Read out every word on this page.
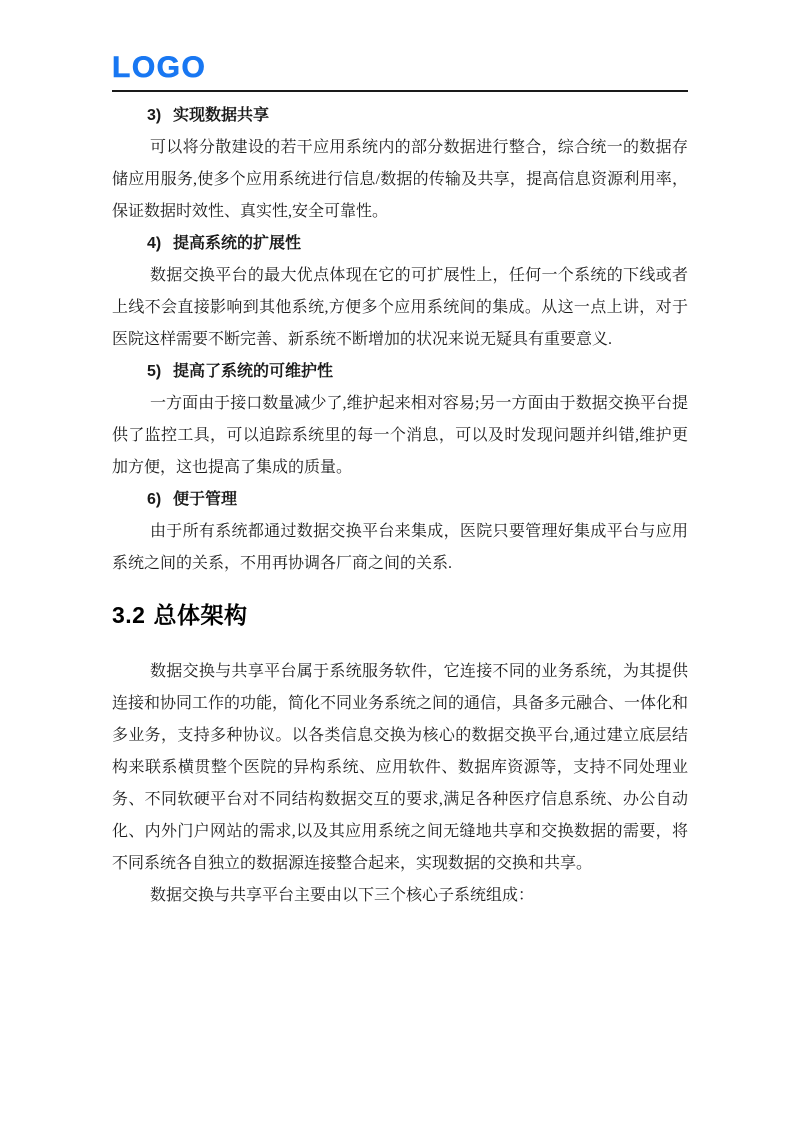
LOGO
3) 实现数据共享

可以将分散建设的若干应用系统内的部分数据进行整合，综合统一的数据存储应用服务,使多个应用系统进行信息/数据的传输及共享，提高信息资源利用率，保证数据时效性、真实性,安全可靠性。

4) 提高系统的扩展性

数据交换平台的最大优点体现在它的可扩展性上，任何一个系统的下线或者上线不会直接影响到其他系统,方便多个应用系统间的集成。从这一点上讲，对于医院这样需要不断完善、新系统不断增加的状况来说无疑具有重要意义.

5) 提高了系统的可维护性

一方面由于接口数量减少了,维护起来相对容易;另一方面由于数据交换平台提供了监控工具，可以追踪系统里的每一个消息，可以及时发现问题并纠错,维护更加方便，这也提高了集成的质量。

6) 便于管理

由于所有系统都通过数据交换平台来集成，医院只要管理好集成平台与应用系统之间的关系，不用再协调各厂商之间的关系.

3.2 总体架构

数据交换与共享平台属于系统服务软件，它连接不同的业务系统，为其提供连接和协同工作的功能，简化不同业务系统之间的通信，具备多元融合、一体化和多业务，支持多种协议。以各类信息交换为核心的数据交换平台,通过建立底层结构来联系横贯整个医院的异构系统、应用软件、数据库资源等，支持不同处理业务、不同软硬平台对不同结构数据交互的要求,满足各种医疗信息系统、办公自动化、内外门户网站的需求,以及其应用系统之间无缝地共享和交换数据的需要，将不同系统各自独立的数据源连接整合起来，实现数据的交换和共享。

数据交换与共享平台主要由以下三个核心子系统组成：
